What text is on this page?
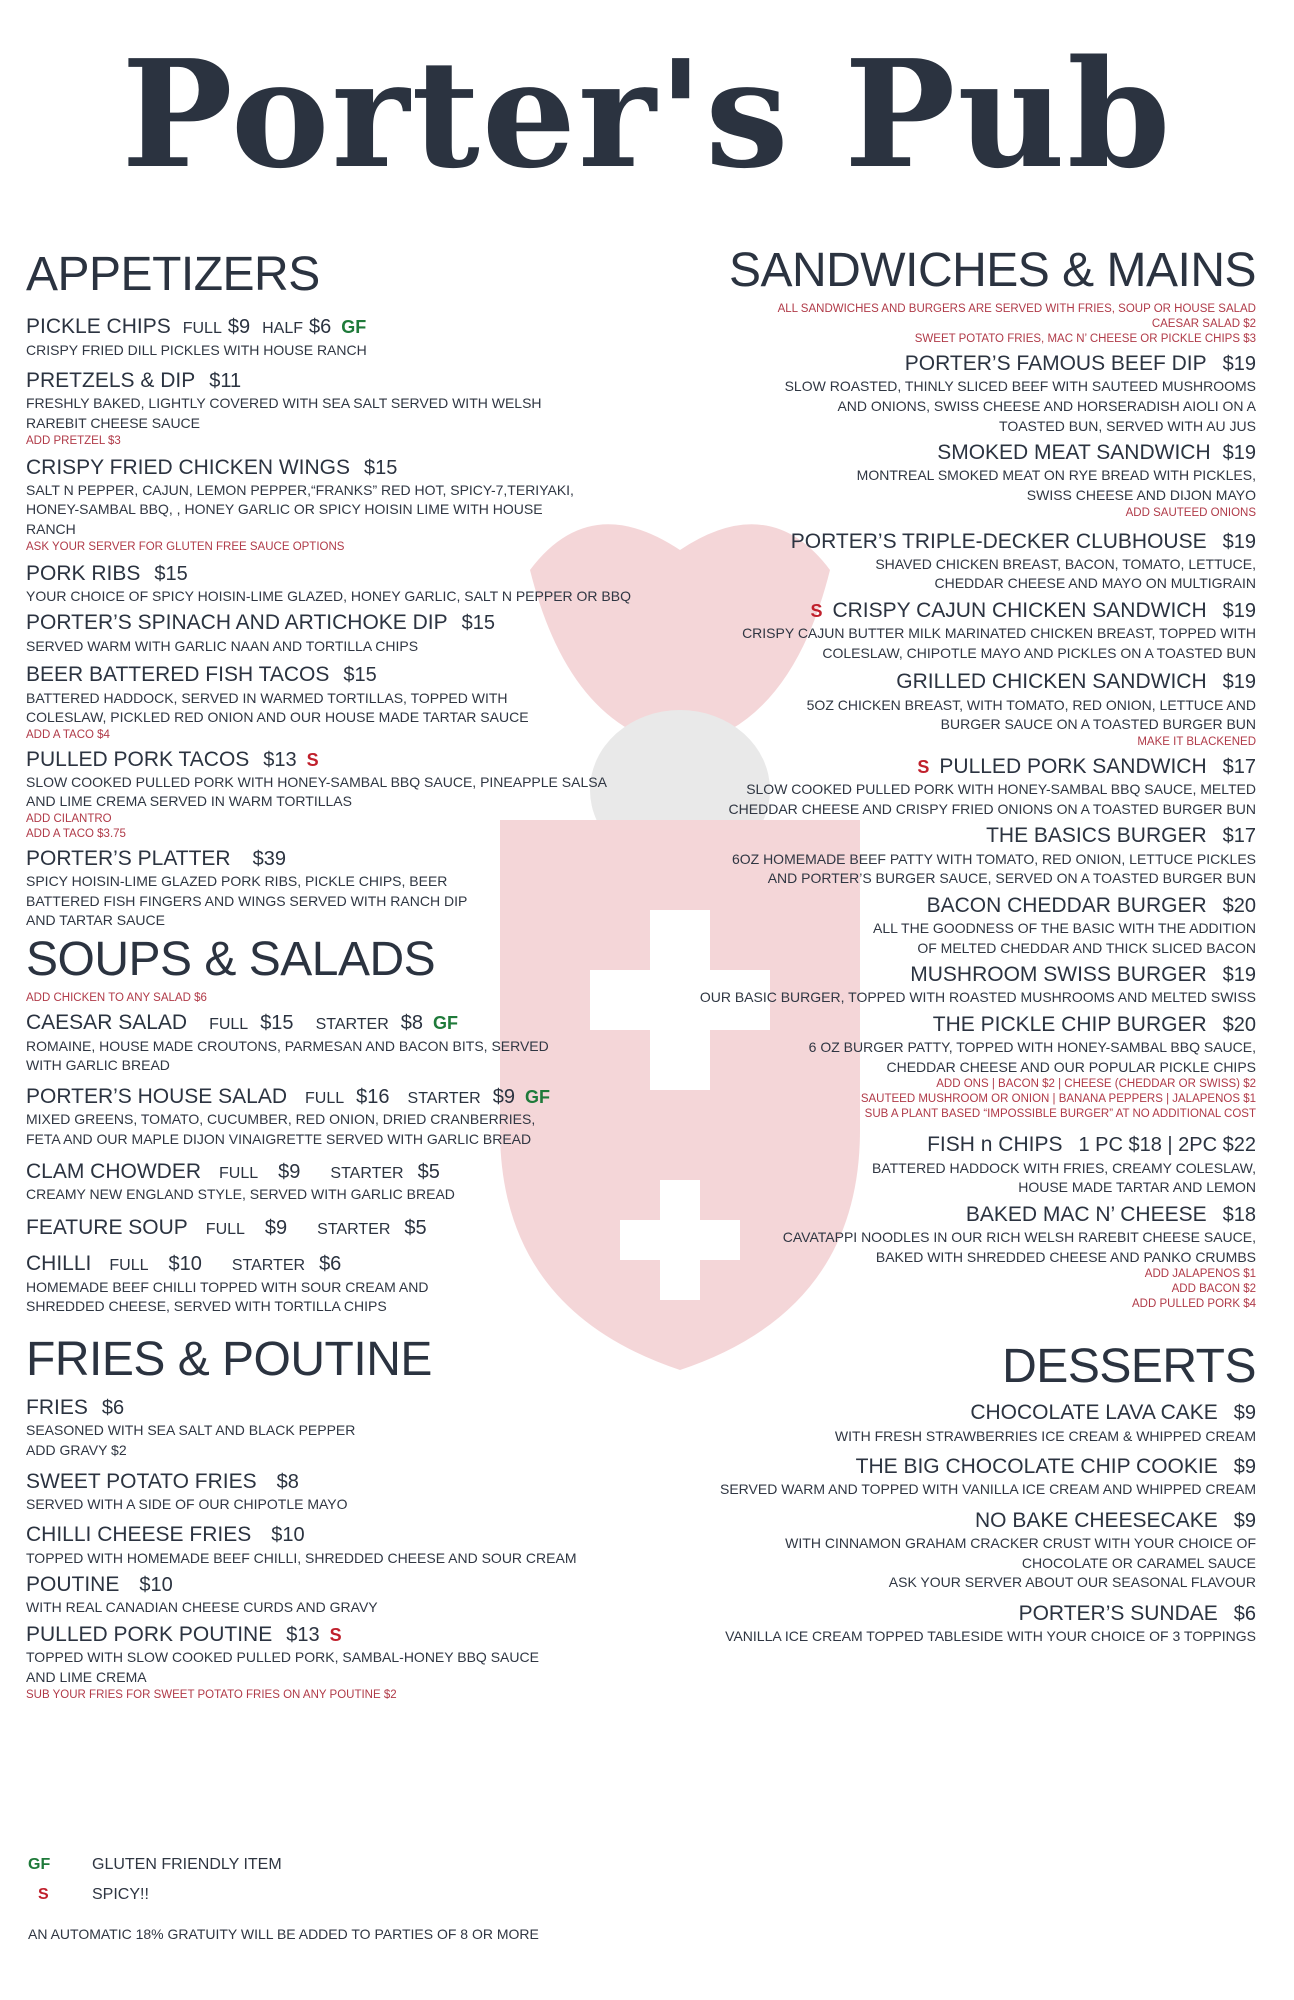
Porter's Pub
APPETIZERS
PICKLE CHIPS FULL $9 HALF $6 GF
CRISPY FRIED DILL PICKLES WITH HOUSE RANCH
PRETZELS & DIP $11
FRESHLY BAKED, LIGHTLY COVERED WITH SEA SALT SERVED WITH WELSH RAREBIT CHEESE SAUCE
ADD PRETZEL $3
CRISPY FRIED CHICKEN WINGS $15
SALT N PEPPER, CAJUN, LEMON PEPPER,“FRANKS” RED HOT, SPICY-7,TERIYAKI, HONEY-SAMBAL BBQ, , HONEY GARLIC OR SPICY HOISIN LIME WITH HOUSE RANCH
ASK YOUR SERVER FOR GLUTEN FREE SAUCE OPTIONS
PORK RIBS $15
YOUR CHOICE OF SPICY HOISIN-LIME GLAZED, HONEY GARLIC, SALT N PEPPER OR BBQ
PORTER’S SPINACH AND ARTICHOKE DIP $15
SERVED WARM WITH GARLIC NAAN AND TORTILLA CHIPS
BEER BATTERED FISH TACOS $15
BATTERED HADDOCK, SERVED IN WARMED TORTILLAS, TOPPED WITH COLESLAW, PICKLED RED ONION AND OUR HOUSE MADE TARTAR SAUCE
ADD A TACO $4
PULLED PORK TACOS $13 S
SLOW COOKED PULLED PORK WITH HONEY-SAMBAL BBQ SAUCE, PINEAPPLE SALSA AND LIME CREMA SERVED IN WARM TORTILLAS
ADD CILANTRO
ADD A TACO $3.75
PORTER’S PLATTER $39
SPICY HOISIN-LIME GLAZED PORK RIBS, PICKLE CHIPS, BEER BATTERED FISH FINGERS AND WINGS SERVED WITH RANCH DIP AND TARTAR SAUCE
SOUPS & SALADS
ADD CHICKEN TO ANY SALAD $6
CAESAR SALAD FULL $15 STARTER $8 GF
ROMAINE, HOUSE MADE CROUTONS, PARMESAN AND BACON BITS, SERVED WITH GARLIC BREAD
PORTER’S HOUSE SALAD FULL $16 STARTER $9 GF
MIXED GREENS, TOMATO, CUCUMBER, RED ONION, DRIED CRANBERRIES, FETA AND OUR MAPLE DIJON VINAIGRETTE SERVED WITH GARLIC BREAD
CLAM CHOWDER FULL $9 STARTER $5
CREAMY NEW ENGLAND STYLE, SERVED WITH GARLIC BREAD
FEATURE SOUP FULL $9 STARTER $5
CHILLI FULL $10 STARTER $6
HOMEMADE BEEF CHILLI TOPPED WITH SOUR CREAM AND SHREDDED CHEESE, SERVED WITH TORTILLA CHIPS
FRIES & POUTINE
FRIES $6
SEASONED WITH SEA SALT AND BLACK PEPPER
ADD GRAVY $2
SWEET POTATO FRIES $8
SERVED WITH A SIDE OF OUR CHIPOTLE MAYO
CHILLI CHEESE FRIES $10
TOPPED WITH HOMEMADE BEEF CHILLI, SHREDDED CHEESE AND SOUR CREAM
POUTINE $10
WITH REAL CANADIAN CHEESE CURDS AND GRAVY
PULLED PORK POUTINE $13 S
TOPPED WITH SLOW COOKED PULLED PORK, SAMBAL-HONEY BBQ SAUCE AND LIME CREMA
SUB YOUR FRIES FOR SWEET POTATO FRIES ON ANY POUTINE $2
GF	GLUTEN FRIENDLY ITEM
S	SPICY!!
AN AUTOMATIC 18% GRATUITY WILL BE ADDED TO PARTIES OF 8 OR MORE
SANDWICHES & MAINS
ALL SANDWICHES AND BURGERS ARE SERVED WITH FRIES, SOUP OR HOUSE SALAD
CAESAR SALAD $2
SWEET POTATO FRIES, MAC N’ CHEESE OR PICKLE CHIPS $3
PORTER’S FAMOUS BEEF DIP $19
SLOW ROASTED, THINLY SLICED BEEF WITH SAUTEED MUSHROOMS AND ONIONS, SWISS CHEESE AND HORSERADISH AIOLI ON A TOASTED BUN, SERVED WITH AU JUS
SMOKED MEAT SANDWICH $19
MONTREAL SMOKED MEAT ON RYE BREAD WITH PICKLES, SWISS CHEESE AND DIJON MAYO
ADD SAUTEED ONIONS
PORTER’S TRIPLE-DECKER CLUBHOUSE $19
SHAVED CHICKEN BREAST, BACON, TOMATO, LETTUCE, CHEDDAR CHEESE AND MAYO ON MULTIGRAIN
S CRISPY CAJUN CHICKEN SANDWICH $19
CRISPY CAJUN BUTTER MILK MARINATED CHICKEN BREAST, TOPPED WITH COLESLAW, CHIPOTLE MAYO AND PICKLES ON A TOASTED BUN
GRILLED CHICKEN SANDWICH $19
5OZ CHICKEN BREAST, WITH TOMATO, RED ONION, LETTUCE AND BURGER SAUCE ON A TOASTED BURGER BUN
MAKE IT BLACKENED
S PULLED PORK SANDWICH $17
SLOW COOKED PULLED PORK WITH HONEY-SAMBAL BBQ SAUCE, MELTED CHEDDAR CHEESE AND CRISPY FRIED ONIONS ON A TOASTED BURGER BUN
THE BASICS BURGER $17
6OZ HOMEMADE BEEF PATTY WITH TOMATO, RED ONION, LETTUCE PICKLES AND PORTER’S BURGER SAUCE, SERVED ON A TOASTED BURGER BUN
BACON CHEDDAR BURGER $20
ALL THE GOODNESS OF THE BASIC WITH THE ADDITION OF MELTED CHEDDAR AND THICK SLICED BACON
MUSHROOM SWISS BURGER $19
OUR BASIC BURGER, TOPPED WITH ROASTED MUSHROOMS AND MELTED SWISS
THE PICKLE CHIP BURGER $20
6 OZ BURGER PATTY, TOPPED WITH HONEY-SAMBAL BBQ SAUCE, CHEDDAR CHEESE AND OUR POPULAR PICKLE CHIPS
ADD ONS | BACON $2 | CHEESE (CHEDDAR OR SWISS) $2
SAUTEED MUSHROOM OR ONION | BANANA PEPPERS | JALAPENOS $1
SUB A PLANT BASED “IMPOSSIBLE BURGER” AT NO ADDITIONAL COST
FISH n CHIPS 1 PC $18 | 2PC $22
BATTERED HADDOCK WITH FRIES, CREAMY COLESLAW, HOUSE MADE TARTAR AND LEMON
BAKED MAC N’ CHEESE $18
CAVATAPPI NOODLES IN OUR RICH WELSH RAREBIT CHEESE SAUCE, BAKED WITH SHREDDED CHEESE AND PANKO CRUMBS
ADD JALAPENOS $1
ADD BACON $2
ADD PULLED PORK $4
DESSERTS
CHOCOLATE LAVA CAKE $9
WITH FRESH STRAWBERRIES ICE CREAM & WHIPPED CREAM
THE BIG CHOCOLATE CHIP COOKIE $9
SERVED WARM AND TOPPED WITH VANILLA ICE CREAM AND WHIPPED CREAM
NO BAKE CHEESECAKE $9
WITH CINNAMON GRAHAM CRACKER CRUST WITH YOUR CHOICE OF CHOCOLATE OR CARAMEL SAUCE
ASK YOUR SERVER ABOUT OUR SEASONAL FLAVOUR
PORTER’S SUNDAE $6
VANILLA ICE CREAM TOPPED TABLESIDE WITH YOUR CHOICE OF 3 TOPPINGS
